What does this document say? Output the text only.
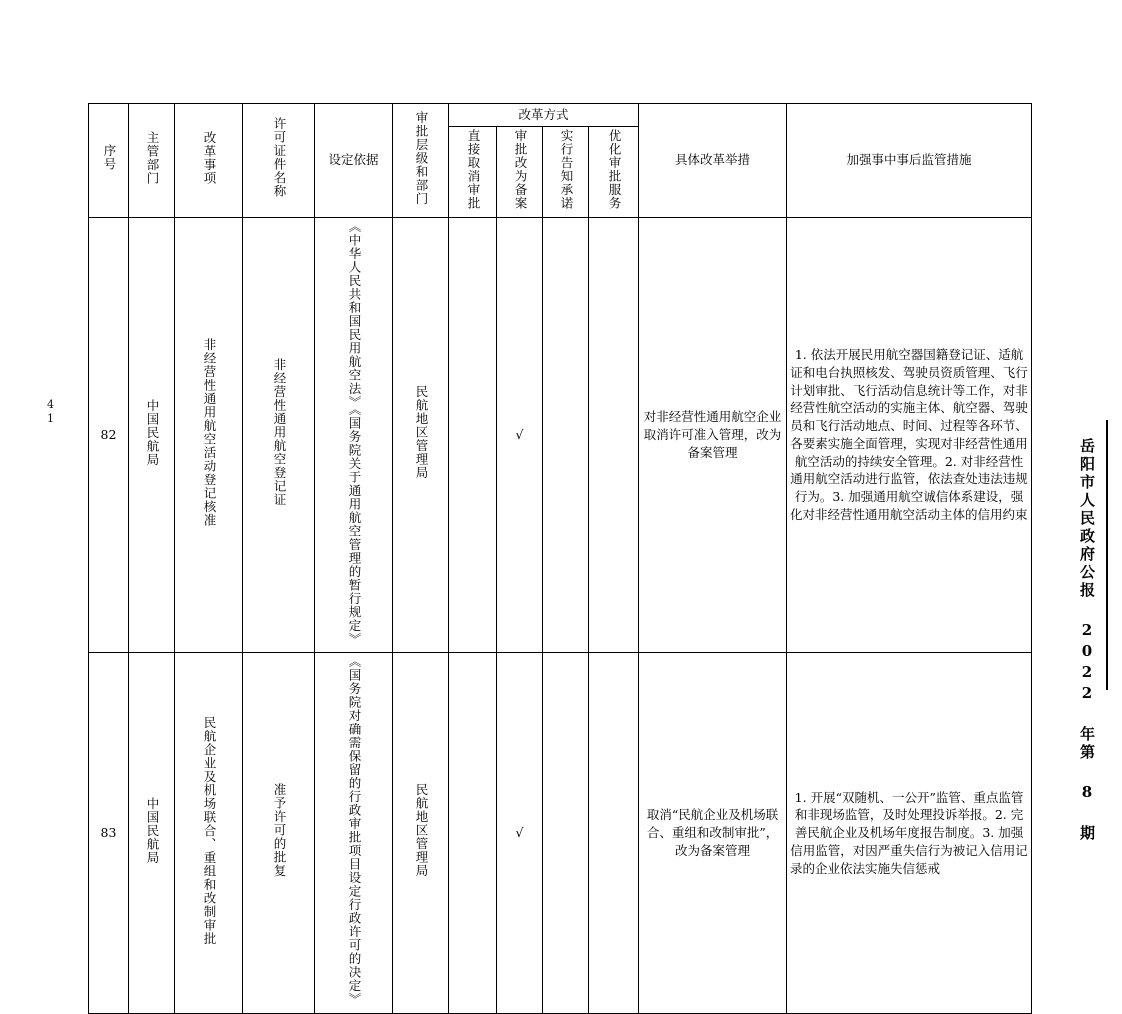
41
岳阳市人民政府公报 2022 年第 8 期
序号	主管部门	改革事项	许可证件名称	设定依据	审批层级和部门	改革方式				具体改革举措	加强事中事后监管措施
						直接取消审批	审批改为备案	实行告知承诺	优化审批服务		
82	中国民航局	非经营性通用航空活动登记核准	非经营性通用航空登记证	《中华人民共和国民用航空法》《国务院关于通用航空管理的暂行规定》	民航地区管理局		√			对非经营性通用航空企业取消许可准入管理，改为备案管理	1. 依法开展民用航空器国籍登记证、适航证和电台执照核发、驾驶员资质管理、飞行计划审批、飞行活动信息统计等工作，对非经营性航空活动的实施主体、航空器、驾驶员和飞行活动地点、时间、过程等各环节、各要素实施全面管理，实现对非经营性通用航空活动的持续安全管理。2. 对非经营性通用航空活动进行监管，依法查处违法违规行为。3. 加强通用航空诚信体系建设，强化对非经营性通用航空活动主体的信用约束
83	中国民航局	民航企业及机场联合、重组和改制审批	准予许可的批复	《国务院对确需保留的行政审批项目设定行政许可的决定》	民航地区管理局		√			取消“民航企业及机场联合、重组和改制审批”，改为备案管理	1. 开展“双随机、一公开”监管、重点监管和非现场监管，及时处理投诉举报。2. 完善民航企业及机场年度报告制度。3. 加强信用监管，对因严重失信行为被记入信用记录的企业依法实施失信惩戒
